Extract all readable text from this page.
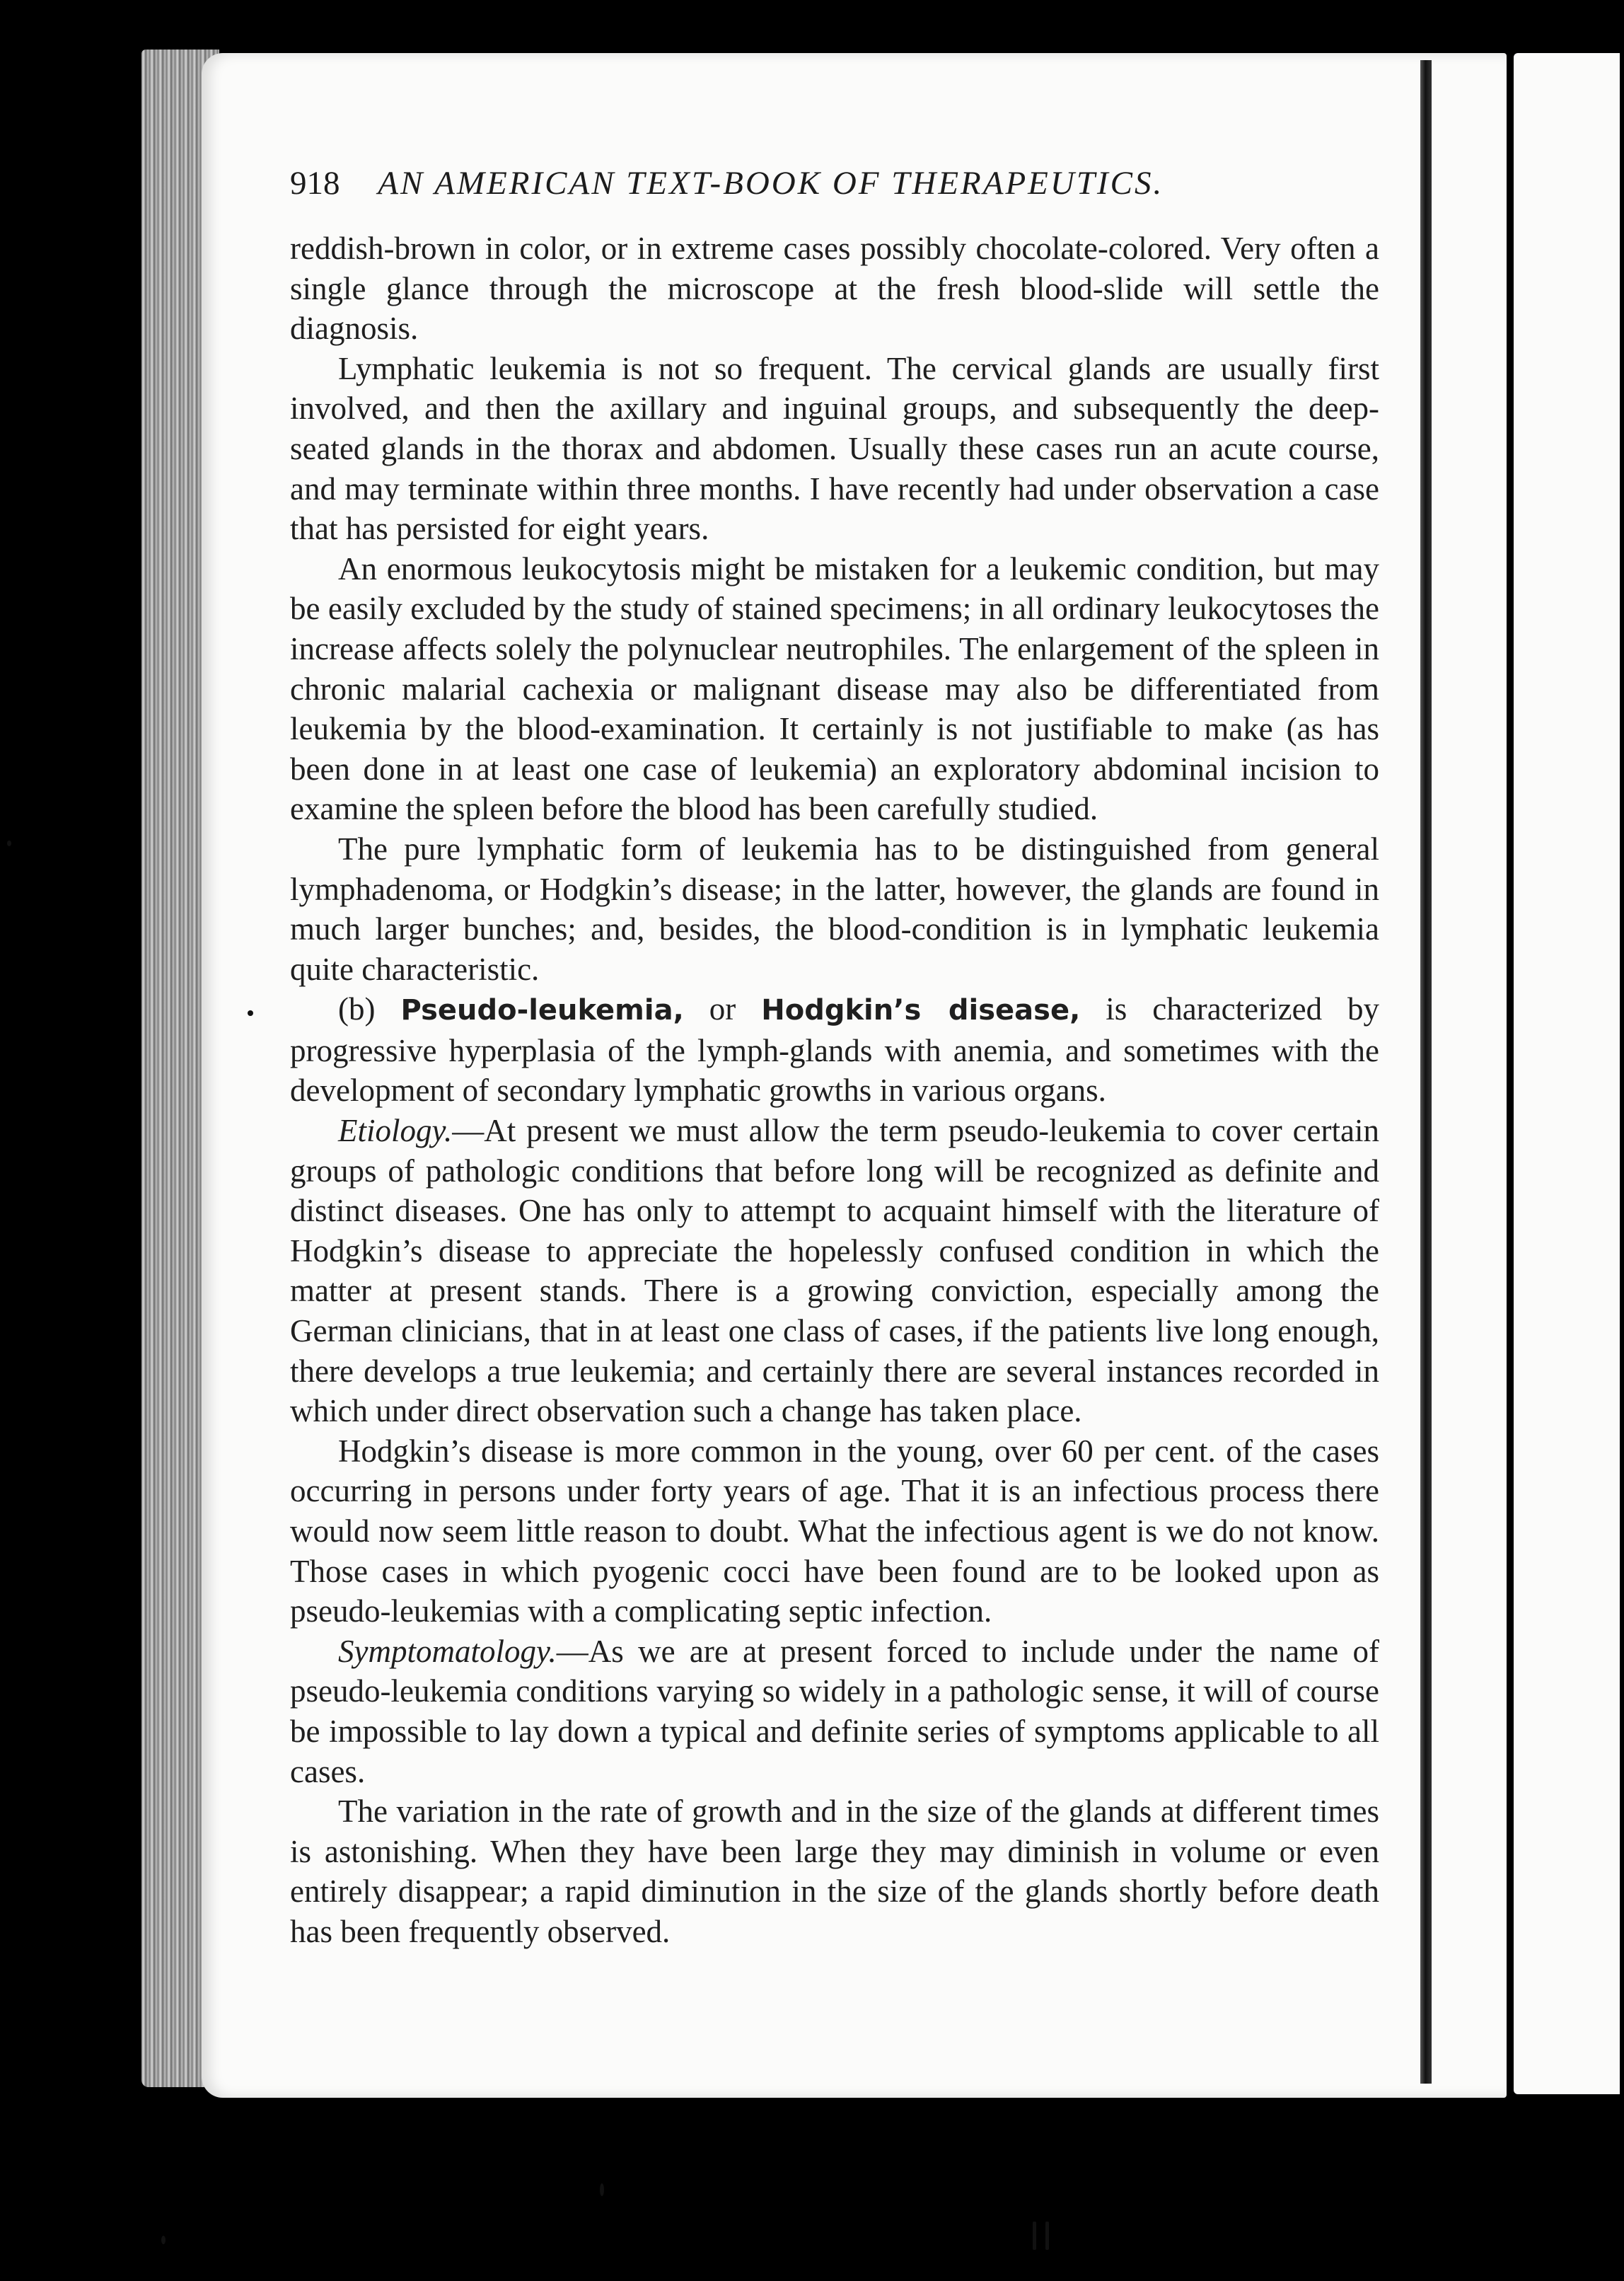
918 AN AMERICAN TEXT-BOOK OF THERAPEUTICS.

reddish-brown in color, or in extreme cases possibly chocolate-colored. Very often a single glance through the microscope at the fresh blood-slide will settle the diagnosis.

Lymphatic leukemia is not so frequent. The cervical glands are usually first involved, and then the axillary and inguinal groups, and subsequently the deep-seated glands in the thorax and abdomen. Usually these cases run an acute course, and may terminate within three months. I have recently had under observation a case that has persisted for eight years.

An enormous leukocytosis might be mistaken for a leukemic condition, but may be easily excluded by the study of stained specimens; in all ordinary leukocytoses the increase affects solely the polynuclear neutrophiles. The enlargement of the spleen in chronic malarial cachexia or malignant disease may also be differentiated from leukemia by the blood-examination. It certainly is not justifiable to make (as has been done in at least one case of leukemia) an exploratory abdominal incision to examine the spleen before the blood has been carefully studied.

The pure lymphatic form of leukemia has to be distinguished from general lymphadenoma, or Hodgkin’s disease; in the latter, however, the glands are found in much larger bunches; and, besides, the blood-condition is in lymphatic leukemia quite characteristic.

(b) Pseudo-leukemia, or Hodgkin’s disease, is characterized by progressive hyperplasia of the lymph-glands with anemia, and sometimes with the development of secondary lymphatic growths in various organs.

Etiology.—At present we must allow the term pseudo-leukemia to cover certain groups of pathologic conditions that before long will be recognized as definite and distinct diseases. One has only to attempt to acquaint himself with the literature of Hodgkin’s disease to appreciate the hopelessly confused condition in which the matter at present stands. There is a growing conviction, especially among the German clinicians, that in at least one class of cases, if the patients live long enough, there develops a true leukemia; and certainly there are several instances recorded in which under direct observation such a change has taken place.

Hodgkin’s disease is more common in the young, over 60 per cent. of the cases occurring in persons under forty years of age. That it is an infectious process there would now seem little reason to doubt. What the infectious agent is we do not know. Those cases in which pyogenic cocci have been found are to be looked upon as pseudo-leukemias with a complicating septic infection.

Symptomatology.—As we are at present forced to include under the name of pseudo-leukemia conditions varying so widely in a pathologic sense, it will of course be impossible to lay down a typical and definite series of symptoms applicable to all cases.

The variation in the rate of growth and in the size of the glands at different times is astonishing. When they have been large they may diminish in volume or even entirely disappear; a rapid diminution in the size of the glands shortly before death has been frequently observed.
